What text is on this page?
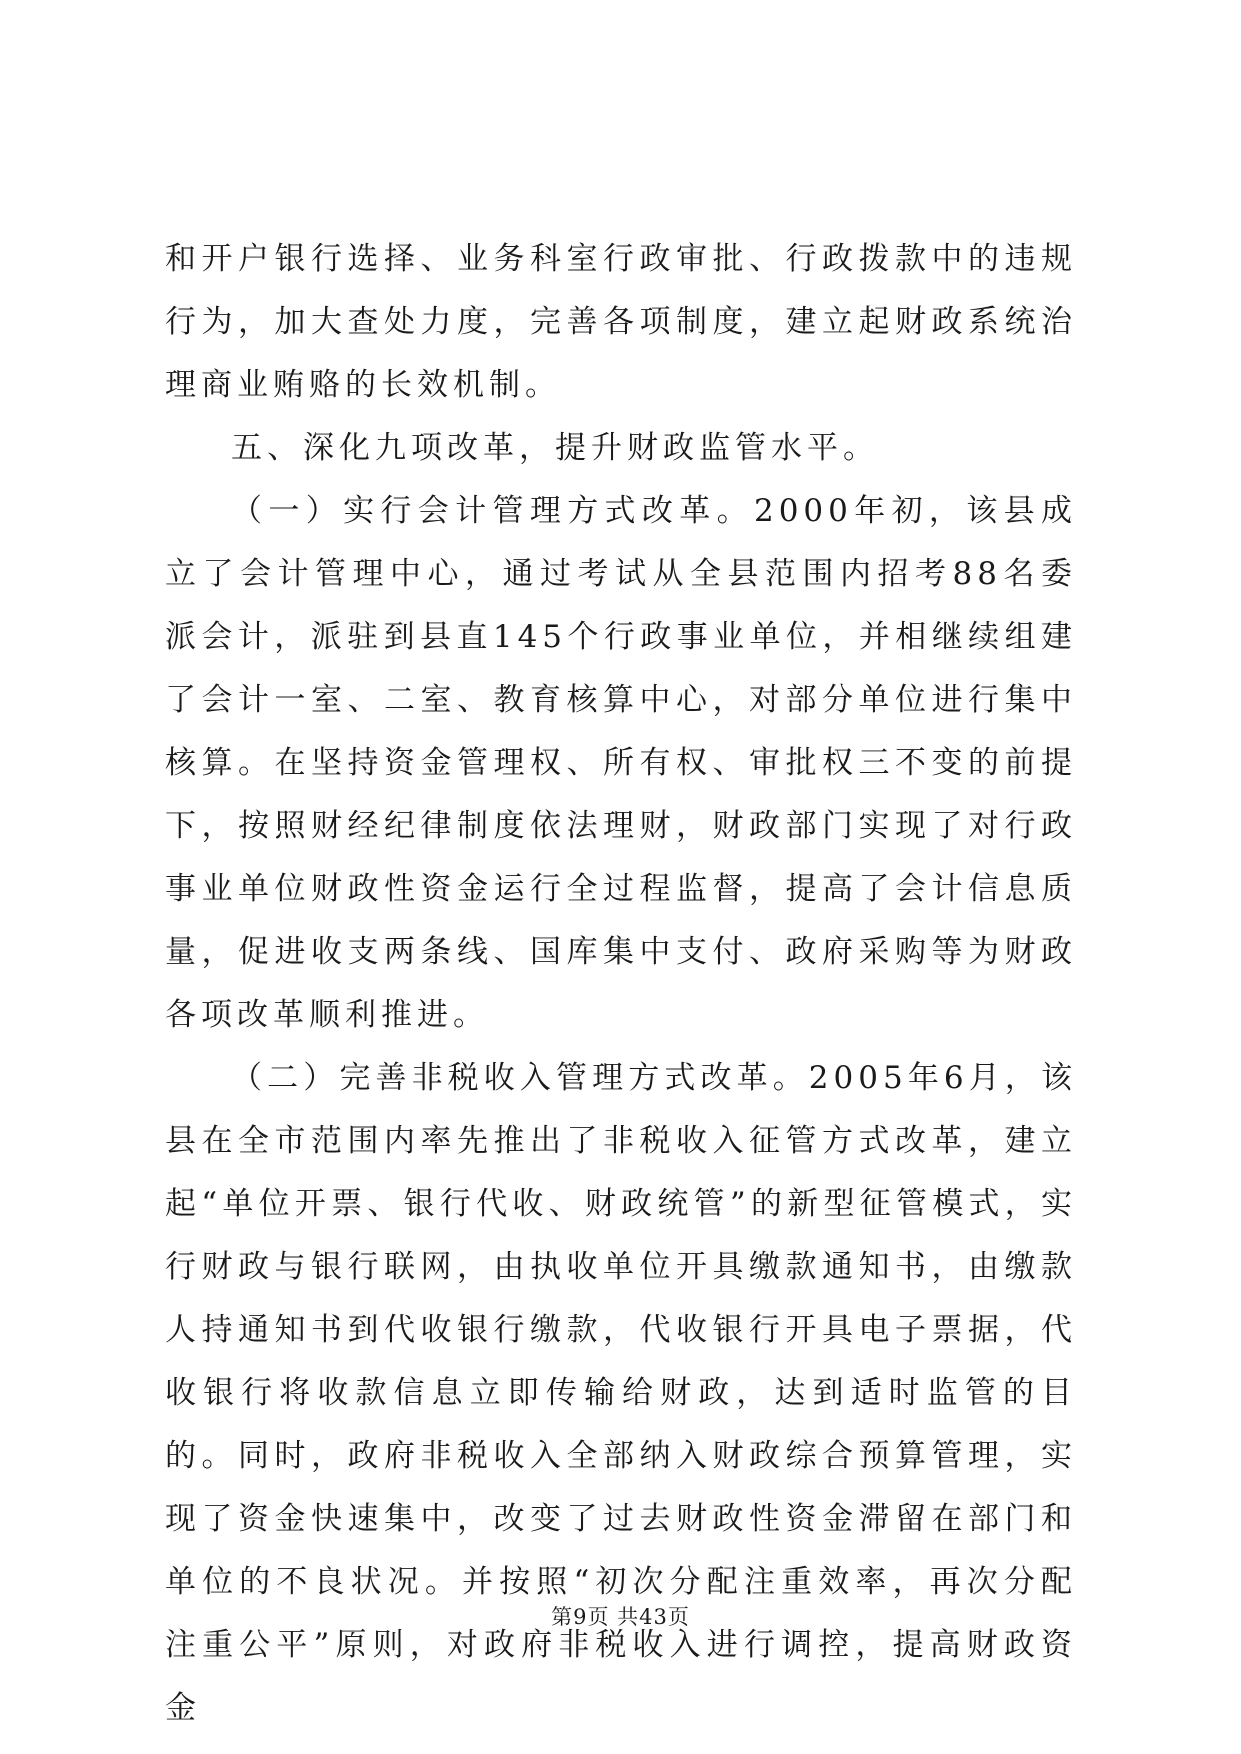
和开户银行选择、业务科室行政审批、行政拨款中的违规行为，加大查处力度，完善各项制度，建立起财政系统治理商业贿赂的长效机制。

五、深化九项改革，提升财政监管水平。

（一）实行会计管理方式改革。2000年初，该县成立了会计管理中心，通过考试从全县范围内招考88名委派会计，派驻到县直145个行政事业单位，并相继续组建了会计一室、二室、教育核算中心，对部分单位进行集中核算。在坚持资金管理权、所有权、审批权三不变的前提下，按照财经纪律制度依法理财，财政部门实现了对行政事业单位财政性资金运行全过程监督，提高了会计信息质量，促进收支两条线、国库集中支付、政府采购等为财政各项改革顺利推进。

（二）完善非税收入管理方式改革。2005年6月，该县在全市范围内率先推出了非税收入征管方式改革，建立起“单位开票、银行代收、财政统管”的新型征管模式，实行财政与银行联网，由执收单位开具缴款通知书，由缴款人持通知书到代收银行缴款，代收银行开具电子票据，代收银行将收款信息立即传输给财政，达到适时监管的目的。同时，政府非税收入全部纳入财政综合预算管理，实现了资金快速集中，改变了过去财政性资金滞留在部门和单位的不良状况。并按照“初次分配注重效率，再次分配注重公平”原则，对政府非税收入进行调控，提高财政资金

第9页 共43页
